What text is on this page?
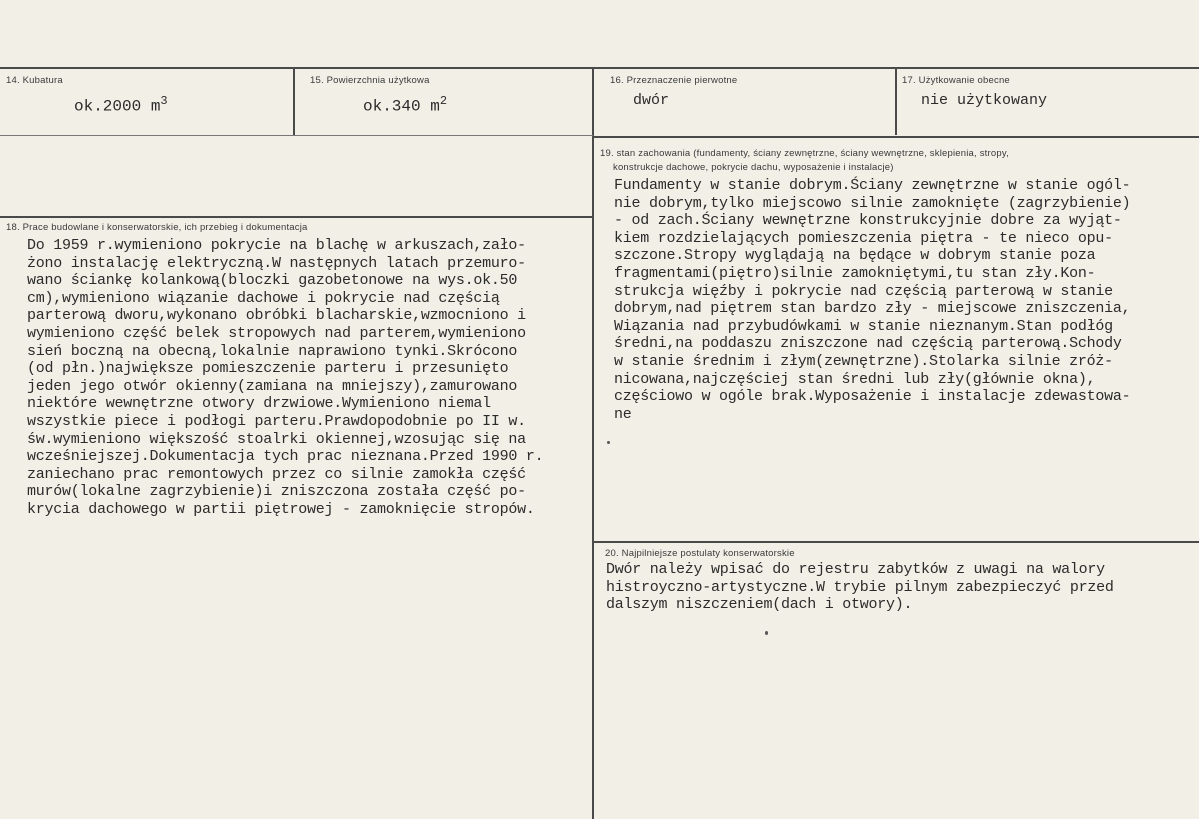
14. Kubatura
ok.2000 $m^3$
15. Powierzchnia użytkowa
ok.340 $m^2$
16. Przeznaczenie pierwotne
dwór
17. Użytkowanie obecne
nie użytkowany
19. stan zachowania (fundamenty, ściany zewnętrzne, ściany wewnętrzne, sklepienia, stropy,
konstrukcje dachowe, pokrycie dachu, wyposażenie i instalacje)
Fundamenty w stanie dobrym.Ściany zewnętrzne w stanie ogól-
nie dobrym,tylko miejscowo silnie zamoknięte (zagrzybienie)
- od zach.Ściany wewnętrzne konstrukcyjnie dobre za wyjąt-
kiem rozdzielających pomieszczenia piętra - te nieco opu-
szczone.Stropy wyglądają na będące w dobrym stanie poza
fragmentami(piętro)silnie zamokniętymi,tu stan zły.Kon-
strukcja więźby i pokrycie nad częścią parterową w stanie
dobrym,nad piętrem stan bardzo zły - miejscowe zniszczenia,
Wiązania nad przybudówkami w stanie nieznanym.Stan podłóg
średni,na poddaszu zniszczone nad częścią parterową.Schody
w stanie średnim i złym(zewnętrzne).Stolarka silnie zróż-
nicowana,najczęściej stan średni lub zły(głównie okna),
częściowo w ogóle brak.Wyposażenie i instalacje zdewastowa-
ne
18. Prace budowlane i konserwatorskie, ich przebieg i dokumentacja
Do 1959 r.wymieniono pokrycie na blachę w arkuszach,zało-
żono instalację elektryczną.W następnych latach przemuro-
wano ściankę kolankową(bloczki gazobetonowe na wys.ok.50
cm),wymieniono wiązanie dachowe i pokrycie nad częścią
parterową dworu,wykonano obróbki blacharskie,wzmocniono i
wymieniono część belek stropowych nad parterem,wymieniono
sień boczną na obecną,lokalnie naprawiono tynki.Skrócono
(od płn.)największe pomieszczenie parteru i przesunięto
jeden jego otwór okienny(zamiana na mniejszy),zamurowano
niektóre wewnętrzne otwory drzwiowe.Wymieniono niemal
wszystkie piece i podłogi parteru.Prawdopodobnie po II w.
św.wymieniono większość stoalrki okiennej,wzosując się na
wcześniejszej.Dokumentacja tych prac nieznana.Przed 1990 r.
zaniechano prac remontowych przez co silnie zamokła część
murów(lokalne zagrzybienie)i zniszczona została część po-
krycia dachowego w partii piętrowej - zamoknięcie stropów.
20. Najpilniejsze postulaty konserwatorskie
Dwór należy wpisać do rejestru zabytków z uwagi na walory
histroyczno-artystyczne.W trybie pilnym zabezpieczyć przed
dalszym niszczeniem(dach i otwory).
